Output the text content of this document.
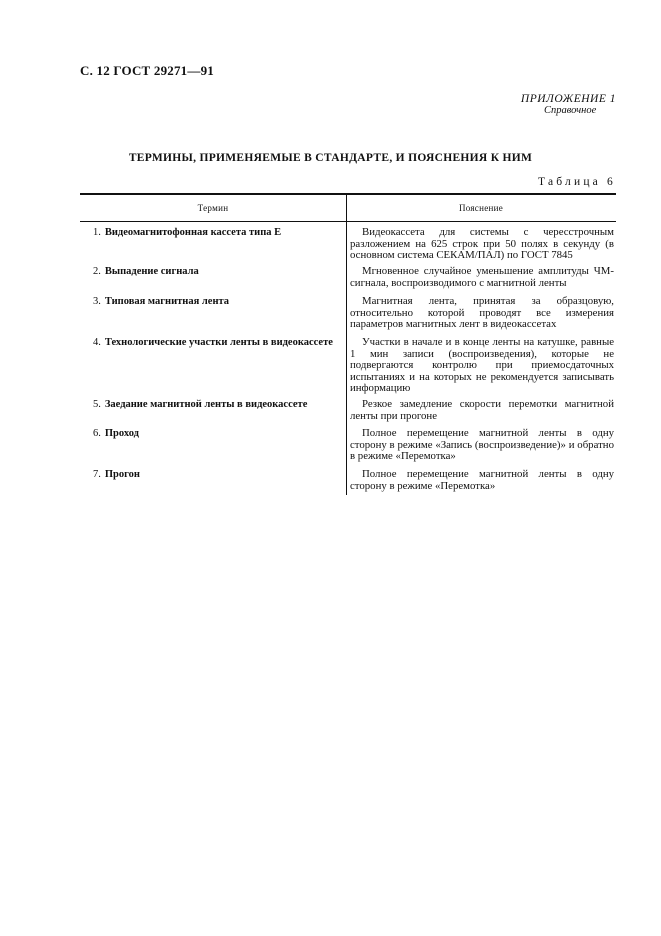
С. 12 ГОСТ 29271—91
ПРИЛОЖЕНИЕ 1
Справочное
ТЕРМИНЫ, ПРИМЕНЯЕМЫЕ В СТАНДАРТЕ, И ПОЯСНЕНИЯ К НИМ
Таблица 6
Термин	Пояснение
1. Видеомагнитофонная кассета типа Е	Видеокассета для системы с чересстрочным разложением на 625 строк при 50 полях в секунду (в основном система СЕКАМ/ПАЛ) по ГОСТ 7845
2. Выпадение сигнала	Мгновенное случайное уменьшение амплитуды ЧМ-сигнала, воспроизводимого с магнитной ленты
3. Типовая магнитная лента	Магнитная лента, принятая за образцовую, относительно которой проводят все измерения параметров магнитных лент в видеокассетах
4. Технологические участки ленты в видеокассете	Участки в начале и в конце ленты на катушке, равные 1 мин записи (воспроизведения), которые не подвергаются контролю при приемосдаточных испытаниях и на которых не рекомендуется записывать информацию
5. Заедание магнитной ленты в видеокассете	Резкое замедление скорости перемотки магнитной ленты при прогоне
6. Проход	Полное перемещение магнитной ленты в одну сторону в режиме «Запись (воспроизведение)» и обратно в режиме «Перемотка»
7. Прогон	Полное перемещение магнитной ленты в одну сторону в режиме «Перемотка»
